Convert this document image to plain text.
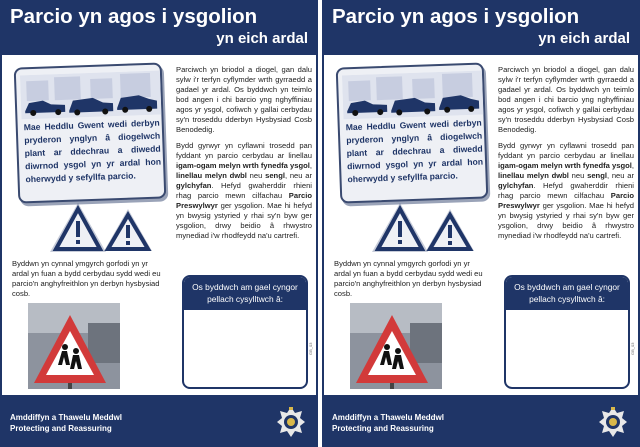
Parcio yn agos i ysgolion
yn eich ardal
Mae Heddlu Gwent wedi derbyn pryderon ynglyn â diogelwch plant ar ddechrau a diwedd diwrnod ysgol yn yr ardal hon oherwydd y sefyllfa parcio.
Byddwn yn cynnal ymgyrch gorfodi yn yr ardal yn fuan a bydd cerbydau sydd wedi eu parcio'n anghyfreithlon yn derbyn hysbysiad cosb.

Parciwch yn briodol a diogel, gan dalu sylw i'r terfyn cyflymder wrth gyrraedd a gadael yr ardal. Os byddwch yn teimlo bod angen i chi barcio yng nghyffiniau agos yr ysgol, cofiwch y gallai cerbydau sy'n troseddu dderbyn Hysbysiad Cosb Benodedig.

Bydd gyrwyr yn cyflawni trosedd pan fyddant yn parcio cerbydau ar linellau igam-ogam melyn wrth fynedfa ysgol, linellau melyn dwbl neu sengl, neu ar gylchyfan. Hefyd gwaherddir rhieni rhag parcio mewn cilfachau Parcio Preswylwyr ger ysgolion. Mae hi hefyd yn bwysig ystyried y rhai sy'n byw ger ysgolion, drwy beidio â rhwystro mynediad i'w rhodfeydd na'u cartrefi.

Os byddwch am gael cyngor pellach cysylltwch â:
GB_03
Amddiffyn a Thawelu Meddwl
Protecting and Reassuring
Parcio yn agos i ysgolion
yn eich ardal
Mae Heddlu Gwent wedi derbyn pryderon ynglyn â diogelwch plant ar ddechrau a diwedd diwrnod ysgol yn yr ardal hon oherwydd y sefyllfa parcio.
Byddwn yn cynnal ymgyrch gorfodi yn yr ardal yn fuan a bydd cerbydau sydd wedi eu parcio'n anghyfreithlon yn derbyn hysbysiad cosb.

Parciwch yn briodol a diogel, gan dalu sylw i'r terfyn cyflymder wrth gyrraedd a gadael yr ardal. Os byddwch yn teimlo bod angen i chi barcio yng nghyffiniau agos yr ysgol, cofiwch y gallai cerbydau sy'n troseddu dderbyn Hysbysiad Cosb Benodedig.

Bydd gyrwyr yn cyflawni trosedd pan fyddant yn parcio cerbydau ar linellau igam-ogam melyn wrth fynedfa ysgol, linellau melyn dwbl neu sengl, neu ar gylchyfan. Hefyd gwaherddir rhieni rhag parcio mewn cilfachau Parcio Preswylwyr ger ysgolion. Mae hi hefyd yn bwysig ystyried y rhai sy'n byw ger ysgolion, drwy beidio â rhwystro mynediad i'w rhodfeydd na'u cartrefi.

Os byddwch am gael cyngor pellach cysylltwch â:
GB_03
Amddiffyn a Thawelu Meddwl
Protecting and Reassuring
